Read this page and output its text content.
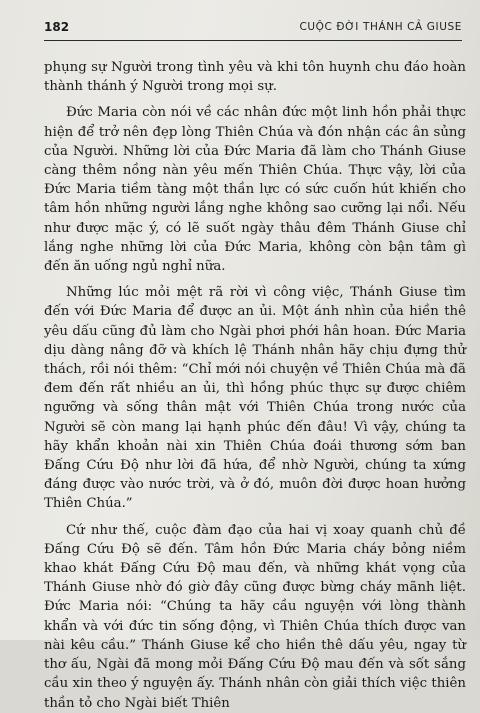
182	CUỘC ĐỜI THÁNH CẢ GIUSE

phụng sự Người trong tình yêu và khi tôn huynh chu đáo hoàn thành thánh ý Người trong mọi sự.

Đức Maria còn nói về các nhân đức một linh hồn phải thực hiện để trở nên đẹp lòng Thiên Chúa và đón nhận các ân sủng của Người. Những lời của Đức Maria đã làm cho Thánh Giuse càng thêm nồng nàn yêu mến Thiên Chúa. Thực vậy, lời của Đức Maria tiềm tàng một thần lực có sức cuốn hút khiến cho tâm hồn những người lắng nghe không sao cưỡng lại nổi. Nếu như được mặc ý, có lẽ suốt ngày thâu đêm Thánh Giuse chỉ lắng nghe những lời của Đức Maria, không còn bận tâm gì đến ăn uống ngủ nghỉ nữa.

Những lúc mỏi mệt rã rời vì công việc, Thánh Giuse tìm đến với Đức Maria để được an ủi. Một ánh nhìn của hiền thê yêu dấu cũng đủ làm cho Ngài phơi phới hân hoan. Đức Maria dịu dàng nâng đỡ và khích lệ Thánh nhân hãy chịu đựng thử thách, rồi nói thêm: “Chỉ mới nói chuyện về Thiên Chúa mà đã đem đến rất nhiều an ủi, thì hồng phúc thực sự được chiêm ngưỡng và sống thân mật với Thiên Chúa trong nước của Người sẽ còn mang lại hạnh phúc đến đâu! Vì vậy, chúng ta hãy khẩn khoản nài xin Thiên Chúa đoái thương sớm ban Đấng Cứu Độ như lời đã hứa, để nhờ Người, chúng ta xứng đáng được vào nước trời, và ở đó, muôn đời được hoan hưởng Thiên Chúa.”

Cứ như thế, cuộc đàm đạo của hai vị xoay quanh chủ đề Đấng Cứu Độ sẽ đến. Tâm hồn Đức Maria cháy bỏng niềm khao khát Đấng Cứu Độ mau đến, và những khát vọng của Thánh Giuse nhờ đó giờ đây cũng được bừng cháy mãnh liệt. Đức Maria nói: “Chúng ta hãy cầu nguyện với lòng thành khẩn và với đức tin sống động, vì Thiên Chúa thích được van nài kêu cầu.” Thánh Giuse kể cho hiền thê dấu yêu, ngay từ thơ ấu, Ngài đã mong mỏi Đấng Cứu Độ mau đến và sốt sắng cầu xin theo ý nguyện ấy. Thánh nhân còn giải thích việc thiên thần tỏ cho Ngài biết Thiên
